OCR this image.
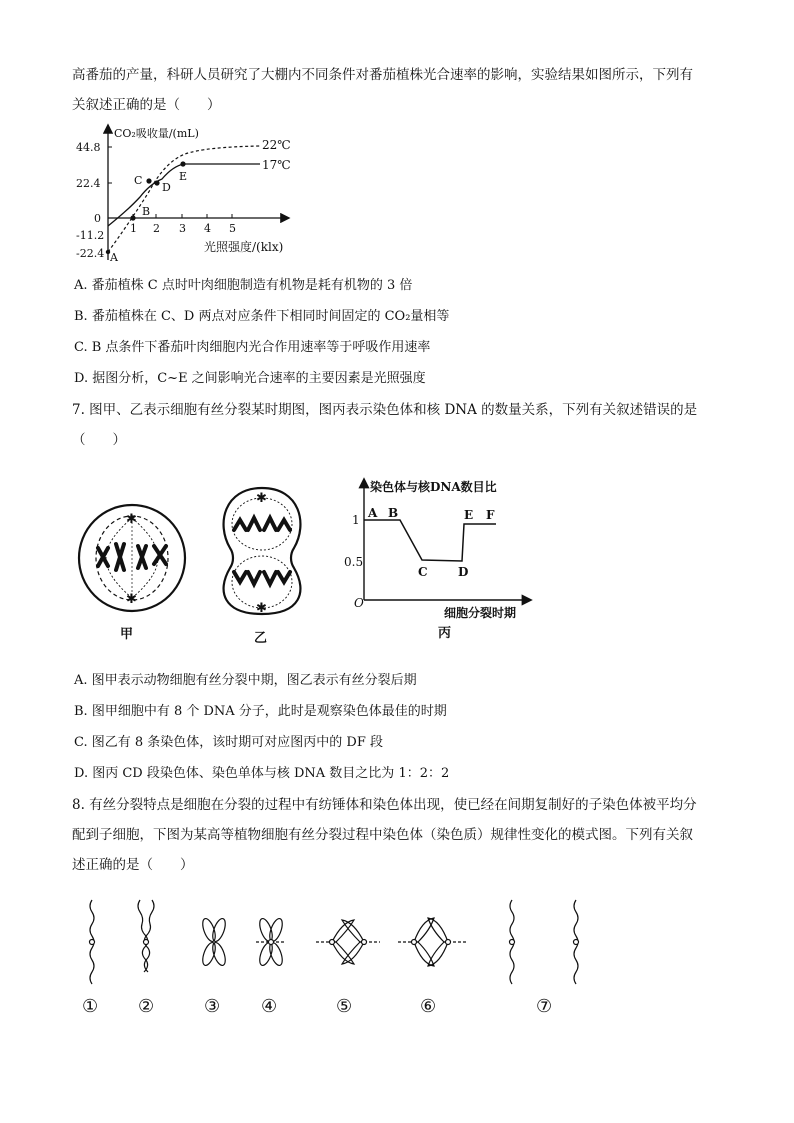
高番茄的产量，科研人员研究了大棚内不同条件对番茄植株光合速率的影响，实验结果如图所示，下列有
关叙述正确的是（　　）
CO₂吸收量/(mL)
44.8
22.4
0
-11.2
-22.4
1 2 3 4 5
光照强度/(klx)
22℃
17℃
A
B
C
D
E
A. 番茄植株 C 点时叶肉细胞制造有机物是耗有机物的 3 倍
B. 番茄植株在 C、D 两点对应条件下相同时间固定的 CO₂量相等
C. B 点条件下番茄叶肉细胞内光合作用速率等于呼吸作用速率
D. 据图分析，C~E 之间影响光合速率的主要因素是光照强度
7. 图甲、乙表示细胞有丝分裂某时期图，图丙表示染色体和核 DNA 的数量关系，下列有关叙述错误的是
（　　）
✱
✱
甲
✱
✱
乙
染色体与核DNA数目比
1
0.5
O
A B
C	D
E F
细胞分裂时期
丙
A. 图甲表示动物细胞有丝分裂中期，图乙表示有丝分裂后期
B. 图甲细胞中有 8 个 DNA 分子，此时是观察染色体最佳的时期
C. 图乙有 8 条染色体，该时期可对应图丙中的 DF 段
D. 图丙 CD 段染色体、染色单体与核 DNA 数目之比为 1：2：2
8. 有丝分裂特点是细胞在分裂的过程中有纺锤体和染色体出现，使已经在间期复制好的子染色体被平均分
配到子细胞，下图为某高等植物细胞有丝分裂过程中染色体（染色质）规律性变化的模式图。下列有关叙
述正确的是（　　）
① ②	③ ④	⑤	⑥	⑦
